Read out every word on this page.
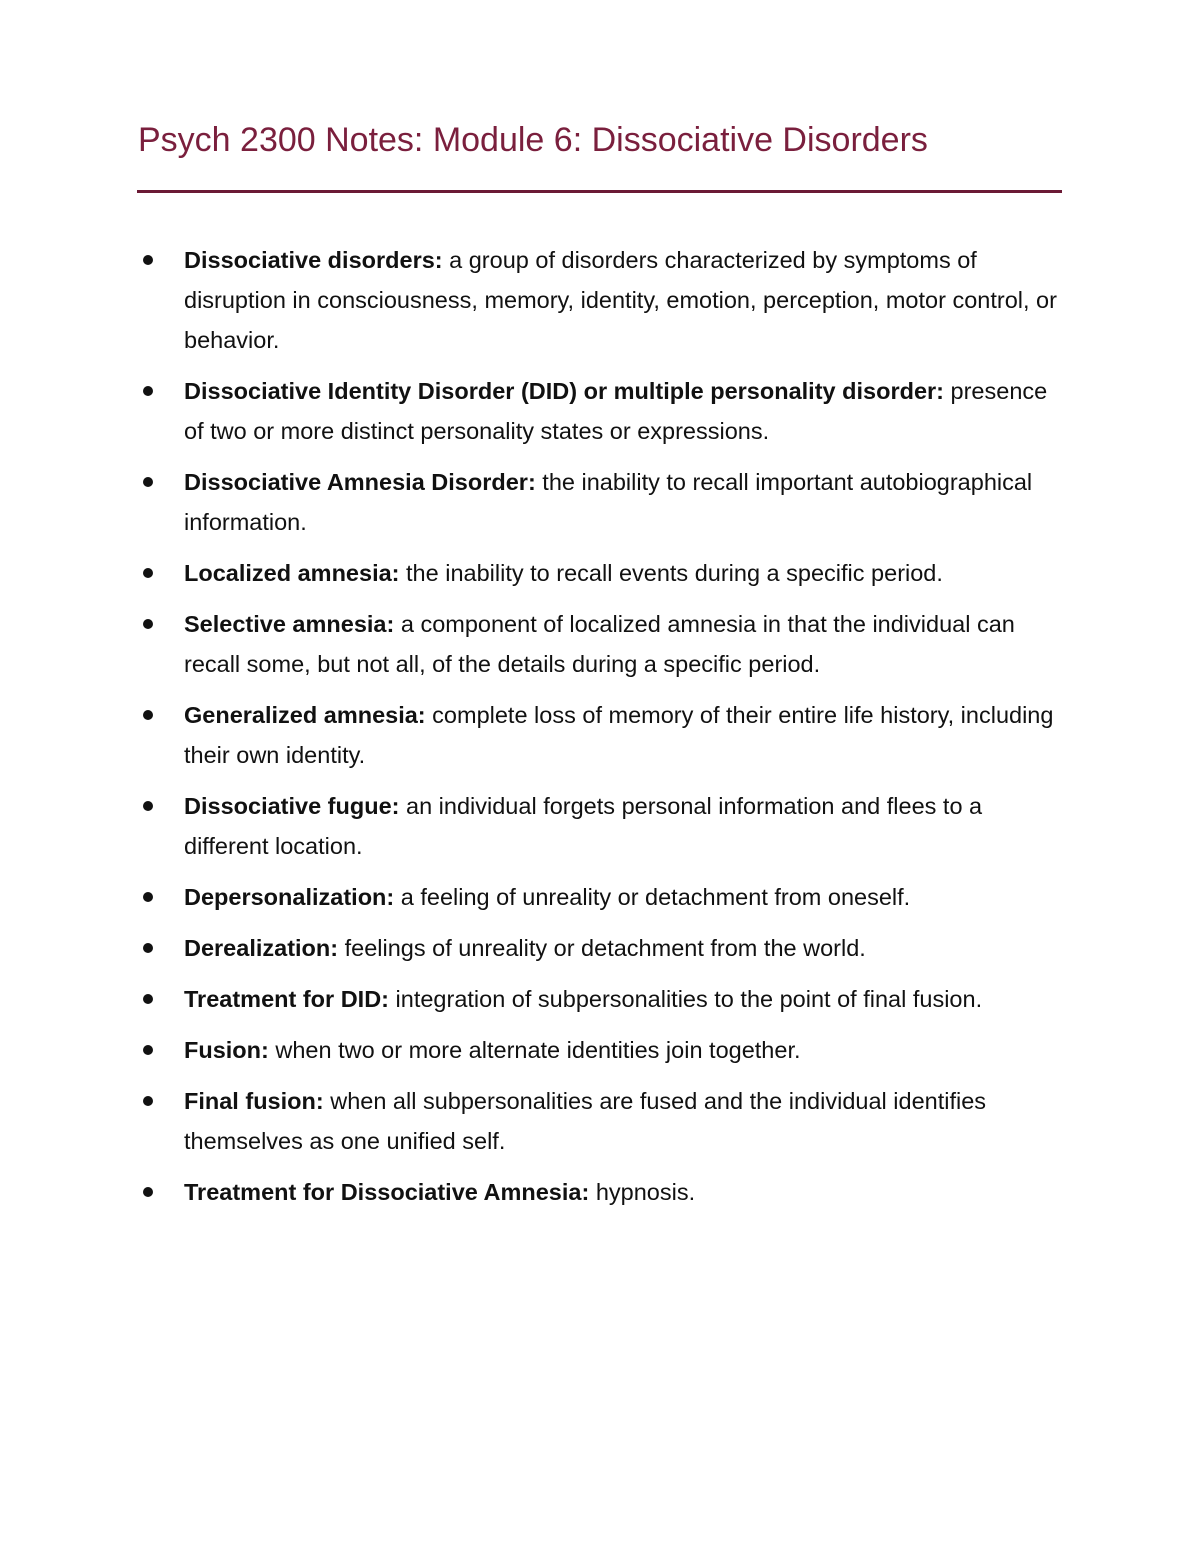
Psych 2300 Notes: Module 6: Dissociative Disorders
Dissociative disorders: a group of disorders characterized by symptoms of disruption in consciousness, memory, identity, emotion, perception, motor control, or behavior.
Dissociative Identity Disorder (DID) or multiple personality disorder: presence of two or more distinct personality states or expressions.
Dissociative Amnesia Disorder: the inability to recall important autobiographical information.
Localized amnesia: the inability to recall events during a specific period.
Selective amnesia: a component of localized amnesia in that the individual can recall some, but not all, of the details during a specific period.
Generalized amnesia: complete loss of memory of their entire life history, including their own identity.
Dissociative fugue: an individual forgets personal information and flees to a different location.
Depersonalization: a feeling of unreality or detachment from oneself.
Derealization: feelings of unreality or detachment from the world.
Treatment for DID: integration of subpersonalities to the point of final fusion.
Fusion: when two or more alternate identities join together.
Final fusion: when all subpersonalities are fused and the individual identifies themselves as one unified self.
Treatment for Dissociative Amnesia: hypnosis.
